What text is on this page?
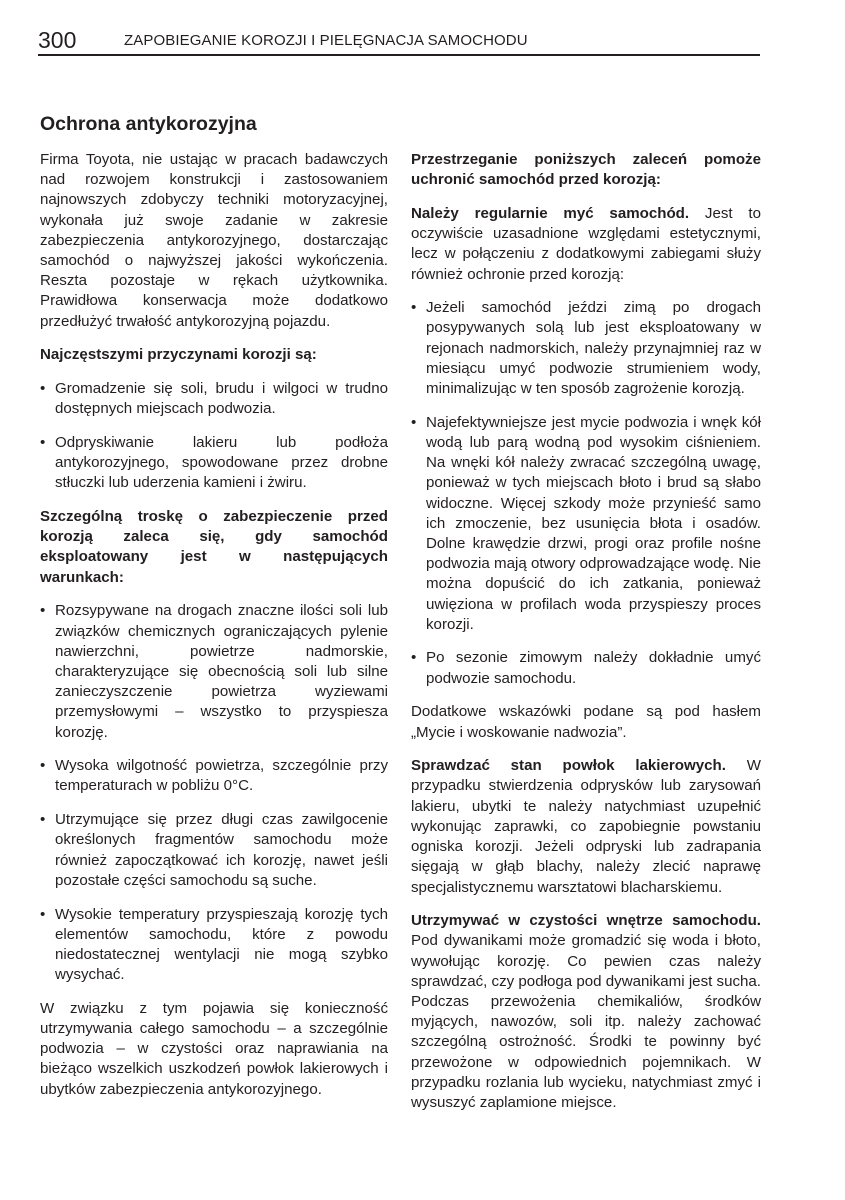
300	ZAPOBIEGANIE KOROZJI I PIELĘGNACJA SAMOCHODU
Ochrona antykorozyjna

Firma Toyota, nie ustając w pracach badawczych nad rozwojem konstrukcji i zastosowaniem najnowszych zdobyczy techniki motoryzacyjnej, wykonała już swoje zadanie w zakresie zabezpieczenia antykorozyjnego, dostarczając samochód o najwyższej jakości wykończenia. Reszta pozostaje w rękach użytkownika. Prawidłowa konserwacja może dodatkowo przedłużyć trwałość antykorozyjną pojazdu.

Najczęstszymi przyczynami korozji są:

• Gromadzenie się soli, brudu i wilgoci w trudno dostępnych miejscach podwozia.
• Odpryskiwanie lakieru lub podłoża antykorozyjnego, spowodowane przez drobne stłuczki lub uderzenia kamieni i żwiru.

Szczególną troskę o zabezpieczenie przed korozją zaleca się, gdy samochód eksploatowany jest w następujących warunkach:

• Rozsypywane na drogach znaczne ilości soli lub związków chemicznych ograniczających pylenie nawierzchni, powietrze nadmorskie, charakteryzujące się obecnością soli lub silne zanieczyszczenie powietrza wyziewami przemysłowymi – wszystko to przyspiesza korozję.
• Wysoka wilgotność powietrza, szczególnie przy temperaturach w pobliżu 0°C.
• Utrzymujące się przez długi czas zawilgocenie określonych fragmentów samochodu może również zapoczątkować ich korozję, nawet jeśli pozostałe części samochodu są suche.
• Wysokie temperatury przyspieszają korozję tych elementów samochodu, które z powodu niedostatecznej wentylacji nie mogą szybko wysychać.

W związku z tym pojawia się konieczność utrzymywania całego samochodu – a szczególnie podwozia – w czystości oraz naprawiania na bieżąco wszelkich uszkodzeń powłok lakierowych i ubytków zabezpieczenia antykorozyjnego.

Przestrzeganie poniższych zaleceń pomoże uchronić samochód przed korozją:

Należy regularnie myć samochód. Jest to oczywiście uzasadnione względami estetycznymi, lecz w połączeniu z dodatkowymi zabiegami służy również ochronie przed korozją:

• Jeżeli samochód jeździ zimą po drogach posypywanych solą lub jest eksploatowany w rejonach nadmorskich, należy przynajmniej raz w miesiącu umyć podwozie strumieniem wody, minimalizując w ten sposób zagrożenie korozją.
• Najefektywniejsze jest mycie podwozia i wnęk kół wodą lub parą wodną pod wysokim ciśnieniem. Na wnęki kół należy zwracać szczególną uwagę, ponieważ w tych miejscach błoto i brud są słabo widoczne. Więcej szkody może przynieść samo ich zmoczenie, bez usunięcia błota i osadów. Dolne krawędzie drzwi, progi oraz profile nośne podwozia mają otwory odprowadzające wodę. Nie można dopuścić do ich zatkania, ponieważ uwięziona w profilach woda przyspieszy proces korozji.
• Po sezonie zimowym należy dokładnie umyć podwozie samochodu.

Dodatkowe wskazówki podane są pod hasłem „Mycie i woskowanie nadwozia”.

Sprawdzać stan powłok lakierowych. W przypadku stwierdzenia odprysków lub zarysowań lakieru, ubytki te należy natychmiast uzupełnić wykonując zaprawki, co zapobiegnie powstaniu ogniska korozji. Jeżeli odpryski lub zadrapania sięgają w głąb blachy, należy zlecić naprawę specjalistycznemu warsztatowi blacharskiemu.

Utrzymywać w czystości wnętrze samochodu. Pod dywanikami może gromadzić się woda i błoto, wywołując korozję. Co pewien czas należy sprawdzać, czy podłoga pod dywanikami jest sucha. Podczas przewożenia chemikaliów, środków myjących, nawozów, soli itp. należy zachować szczególną ostrożność. Środki te powinny być przewożone w odpowiednich pojemnikach. W przypadku rozlania lub wycieku, natychmiast zmyć i wysuszyć zaplamione miejsce.
